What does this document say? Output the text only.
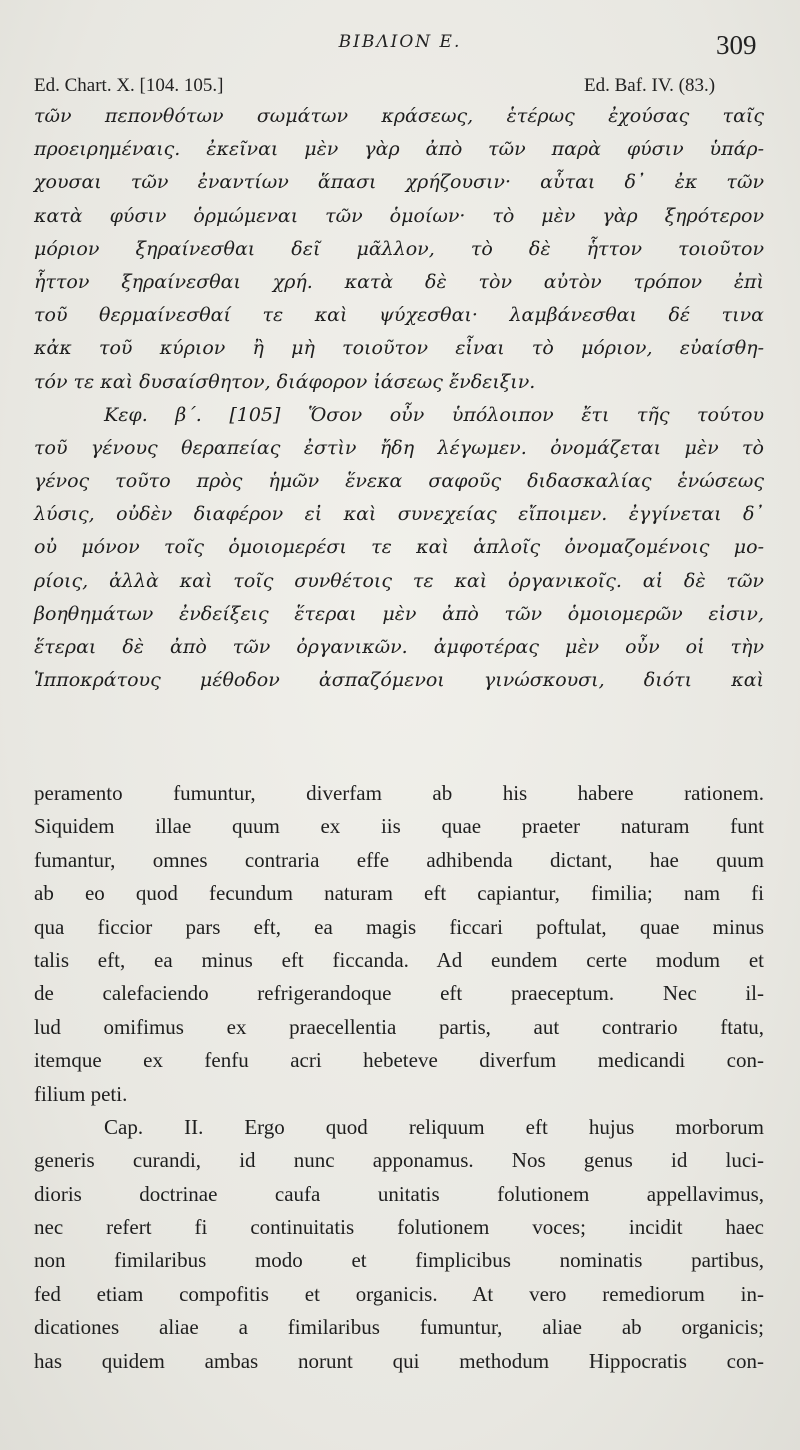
BIBΛΙΟΝ Ε.	309
Ed. Chart. X. [104. 105.]	Ed. Baf. IV. (83.)
τῶν πεπονθότων σωμάτων κράσεως, ἑτέρως ἐχούσας ταῖς
προειρημέναις. ἐκεῖναι μὲν γὰρ ἀπὸ τῶν παρὰ φύσιν ὑπάρ-
χουσαι τῶν ἐναντίων ἅπασι χρήζουσιν· αὗται δ᾽ ἐκ τῶν
κατὰ φύσιν ὁρμώμεναι τῶν ὁμοίων· τὸ μὲν γὰρ ξηρότερον
μόριον ξηραίνεσθαι δεῖ μᾶλλον, τὸ δὲ ἧττον τοιοῦτον
ἧττον ξηραίνεσθαι χρή. κατὰ δὲ τὸν αὐτὸν τρόπον ἐπὶ
τοῦ θερμαίνεσθαί τε καὶ ψύχεσθαι· λαμβάνεσθαι δέ τινα
κἀκ τοῦ κύριον ἢ μὴ τοιοῦτον εἶναι τὸ μόριον, εὐαίσθη-
τόν τε καὶ δυσαίσθητον, διάφορον ἰάσεως ἔνδειξιν.
Κεφ. β΄. [105] Ὅσον οὖν ὑπόλοιπον ἔτι τῆς τούτου
τοῦ γένους θεραπείας ἐστὶν ἤδη λέγωμεν. ὀνομάζεται μὲν τὸ
γένος τοῦτο πρὸς ἡμῶν ἕνεκα σαφοῦς διδασκαλίας ἑνώσεως
λύσις, οὐδὲν διαφέρον εἰ καὶ συνεχείας εἴποιμεν. ἐγγίνεται δ᾽
οὐ μόνον τοῖς ὁμοιομερέσι τε καὶ ἁπλοῖς ὀνομαζομένοις μο-
ρίοις, ἀλλὰ καὶ τοῖς συνθέτοις τε καὶ ὀργανικοῖς. αἱ δὲ τῶν
βοηθημάτων ἐνδείξεις ἕτεραι μὲν ἀπὸ τῶν ὁμοιομερῶν εἰσιν,
ἕτεραι δὲ ἀπὸ τῶν ὀργανικῶν. ἀμφοτέρας μὲν οὖν οἱ τὴν
Ἱπποκράτους μέθοδον ἀσπαζόμενοι γινώσκουσι, διότι καὶ
peramento fumuntur, diverfam ab his habere rationem.
Siquidem illae quum ex iis quae praeter naturam funt
fumantur, omnes contraria effe adhibenda dictant, hae quum
ab eo quod fecundum naturam eft capiantur, fimilia; nam fi
qua ficcior pars eft, ea magis ficcari poftulat, quae minus
talis eft, ea minus eft ficcanda. Ad eundem certe modum et
de calefaciendo refrigerandoque eft praeceptum. Nec il-
lud omifimus ex praecellentia partis, aut contrario ftatu,
itemque ex fenfu acri hebeteve diverfum medicandi con-
filium peti.
Cap. II. Ergo quod reliquum eft hujus morborum
generis curandi, id nunc apponamus. Nos genus id luci-
dioris doctrinae caufa unitatis folutionem appellavimus,
nec refert fi continuitatis folutionem voces; incidit haec
non fimilaribus modo et fimplicibus nominatis partibus,
fed etiam compofitis et organicis. At vero remediorum in-
dicationes aliae a fimilaribus fumuntur, aliae ab organicis;
has quidem ambas norunt qui methodum Hippocratis con-
